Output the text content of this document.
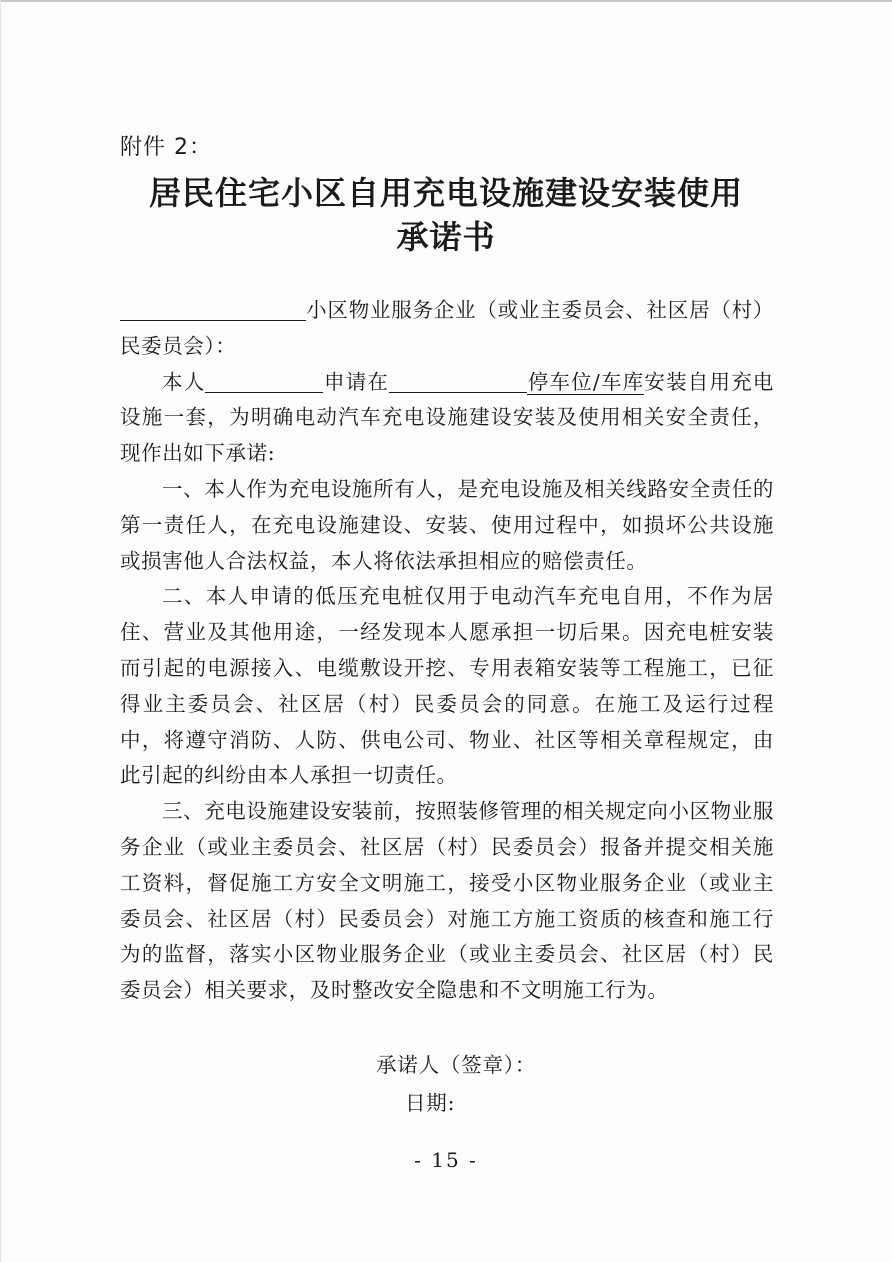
附件 2：
居民住宅小区自用充电设施建设安装使用
承诺书

小区物业服务企业（或业主委员会、社区居（村）民委员会）：

本人	申请在	停车位/车库安装自用充电设施一套，为明确电动汽车充电设施建设安装及使用相关安全责任，现作出如下承诺:

一、本人作为充电设施所有人，是充电设施及相关线路安全责任的第一责任人，在充电设施建设、安装、使用过程中，如损坏公共设施或损害他人合法权益，本人将依法承担相应的赔偿责任。

二、本人申请的低压充电桩仅用于电动汽车充电自用，不作为居住、营业及其他用途，一经发现本人愿承担一切后果。因充电桩安装而引起的电源接入、电缆敷设开挖、专用表箱安装等工程施工，已征得业主委员会、社区居（村）民委员会的同意。在施工及运行过程中，将遵守消防、人防、供电公司、物业、社区等相关章程规定，由此引起的纠纷由本人承担一切责任。

三、充电设施建设安装前，按照装修管理的相关规定向小区物业服务企业（或业主委员会、社区居（村）民委员会）报备并提交相关施工资料，督促施工方安全文明施工，接受小区物业服务企业（或业主委员会、社区居（村）民委员会）对施工方施工资质的核查和施工行为的监督，落实小区物业服务企业（或业主委员会、社区居（村）民委员会）相关要求，及时整改安全隐患和不文明施工行为。

承诺人（签章）：
日期:
- 15 -
